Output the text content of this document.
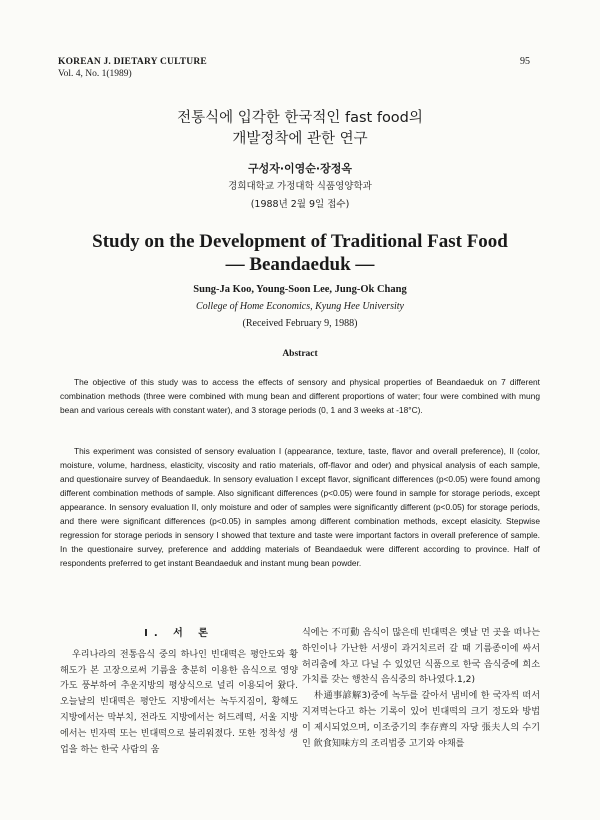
KOREAN J. DIETARY CULTURE
Vol. 4, No. 1(1989)
95
전통식에 입각한 한국적인 fast food의
개발정착에 관한 연구
구성자·이영순·장정옥
경희대학교 가정대학 식품영양학과
(1988년 2월 9일 접수)
Study on the Development of Traditional Fast Food
— Beandaeduk —
Sung-Ja Koo, Young-Soon Lee, Jung-Ok Chang
College of Home Economics, Kyung Hee University
(Received February 9, 1988)
Abstract

The objective of this study was to access the effects of sensory and physical properties of Beandaeduk on 7 different combination methods (three were combined with mung bean and different proportions of water; four were combined with mung bean and various cereals with constant water), and 3 storage periods (0, 1 and 3 weeks at -18°C).

This experiment was consisted of sensory evaluation I (appearance, texture, taste, flavor and overall preference), II (color, moisture, volume, hardness, elasticity, viscosity and ratio materials, off-flavor and oder) and physical analysis of each sample, and questionaire survey of Beandaeduk. In sensory evaluation I except flavor, significant differences (p<0.05) were found among different combination methods of sample. Also significant differences (p<0.05) were found in sample for storage periods, except appearance. In sensory evaluation II, only moisture and oder of samples were significantly different (p<0.05) for storage periods, and there were significant differences (p<0.05) in samples among different combination methods, except elasicity. Stepwise regression for storage periods in sensory I showed that texture and taste were important factors in overall preference of sample. In the questionaire survey, preference and addding materials of Beandaeduk were different according to province. Half of respondents preferred to get instant Beandaeduk and instant mung bean powder.

I. 서 론

우리나라의 전통음식 중의 하나인 빈대떡은 평안도와 황해도가 본 고장으로써 기름을 충분히 이용한 음식으로 영양가도 풍부하여 추운지방의 평상식으로 널리 이용되어 왔다. 오늘날의 빈대떡은 평안도 지방에서는 녹두지짐이, 황해도 지방에서는 막부치, 전라도 지방에서는 허드레떡, 서울 지방에서는 빈자떡 또는 빈대떡으로 불리워졌다. 또한 정착성 생업을 하는 한국 사람의 움

식에는 不可動 음식이 많은데 빈대떡은 옛날 먼 곳을 떠나는 하인이나 가난한 서생이 과거치르러 갈 때 기름종이에 싸서 허리춤에 차고 다닐 수 있었던 식품으로 한국 음식중에 희소가치를 갖는 행찬식 음식중의 하나였다.1,2)

朴通事諺解3)중에 녹두를 갈아서 냄비에 한 국자씩 떠서 지져먹는다고 하는 기록이 있어 빈대떡의 크기 정도와 방법이 제시되었으며, 이조중기의 李存齊의 자당 張夫人의 수기인 飮食知味方의 조리법중 고기와 야채를
